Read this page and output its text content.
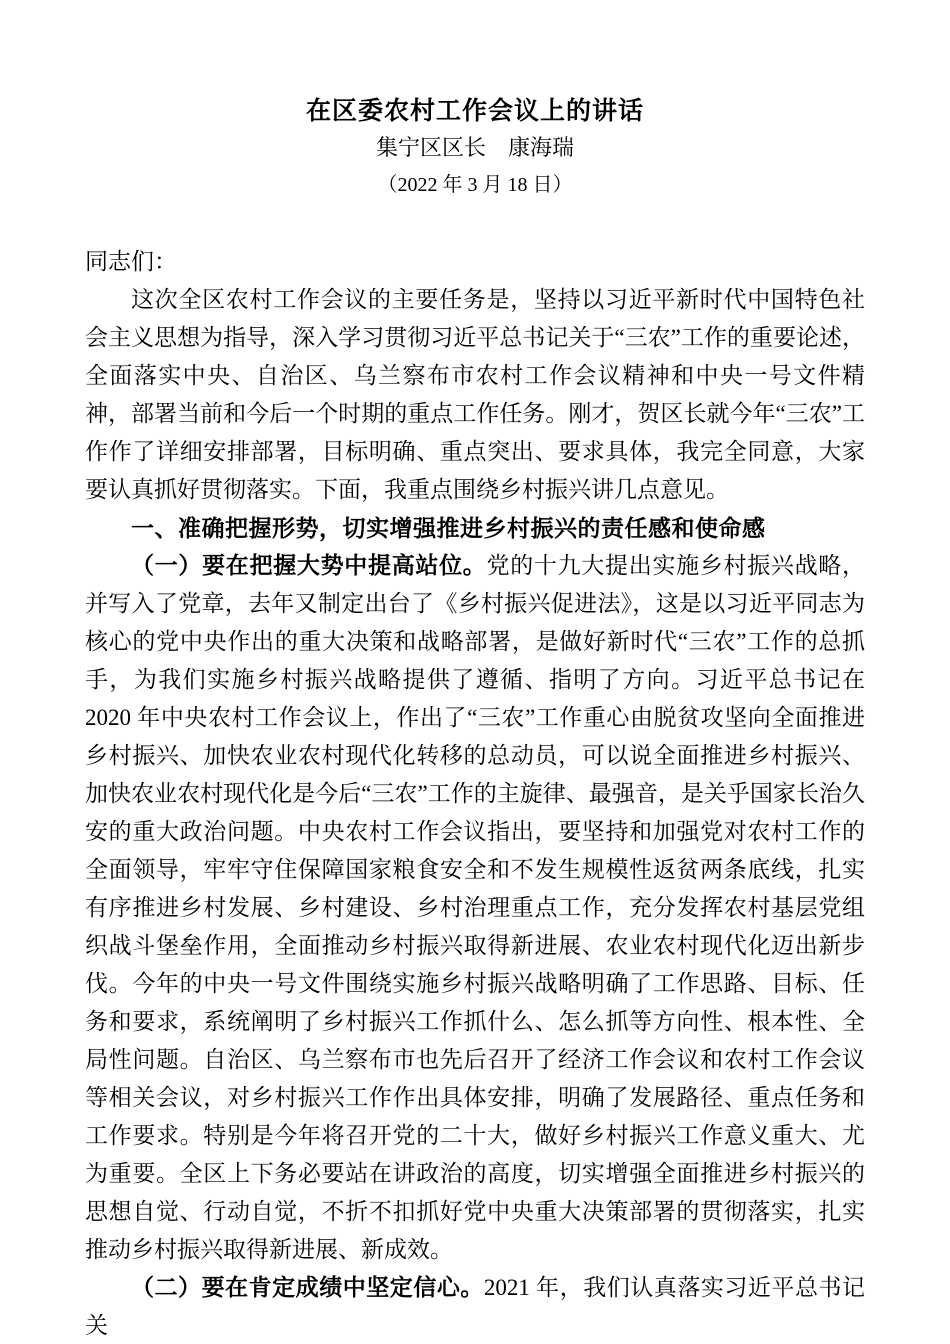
在区委农村工作会议上的讲话
集宁区区长　康海瑞
（2022 年 3 月 18 日）

同志们：

这次全区农村工作会议的主要任务是，坚持以习近平新时代中国特色社会主义思想为指导，深入学习贯彻习近平总书记关于“三农”工作的重要论述，全面落实中央、自治区、乌兰察布市农村工作会议精神和中央一号文件精神，部署当前和今后一个时期的重点工作任务。刚才，贺区长就今年“三农”工作作了详细安排部署，目标明确、重点突出、要求具体，我完全同意，大家要认真抓好贯彻落实。下面，我重点围绕乡村振兴讲几点意见。

一、准确把握形势，切实增强推进乡村振兴的责任感和使命感

（一）要在把握大势中提高站位。党的十九大提出实施乡村振兴战略，并写入了党章，去年又制定出台了《乡村振兴促进法》，这是以习近平同志为核心的党中央作出的重大决策和战略部署，是做好新时代“三农”工作的总抓手，为我们实施乡村振兴战略提供了遵循、指明了方向。习近平总书记在 2020 年中央农村工作会议上，作出了“三农”工作重心由脱贫攻坚向全面推进乡村振兴、加快农业农村现代化转移的总动员，可以说全面推进乡村振兴、加快农业农村现代化是今后“三农”工作的主旋律、最强音，是关乎国家长治久安的重大政治问题。中央农村工作会议指出，要坚持和加强党对农村工作的全面领导，牢牢守住保障国家粮食安全和不发生规模性返贫两条底线，扎实有序推进乡村发展、乡村建设、乡村治理重点工作，充分发挥农村基层党组织战斗堡垒作用，全面推动乡村振兴取得新进展、农业农村现代化迈出新步伐。今年的中央一号文件围绕实施乡村振兴战略明确了工作思路、目标、任务和要求，系统阐明了乡村振兴工作抓什么、怎么抓等方向性、根本性、全局性问题。自治区、乌兰察布市也先后召开了经济工作会议和农村工作会议等相关会议，对乡村振兴工作作出具体安排，明确了发展路径、重点任务和工作要求。特别是今年将召开党的二十大，做好乡村振兴工作意义重大、尤为重要。全区上下务必要站在讲政治的高度，切实增强全面推进乡村振兴的思想自觉、行动自觉，不折不扣抓好党中央重大决策部署的贯彻落实，扎实推动乡村振兴取得新进展、新成效。

（二）要在肯定成绩中坚定信心。2021 年，我们认真落实习近平总书记关
